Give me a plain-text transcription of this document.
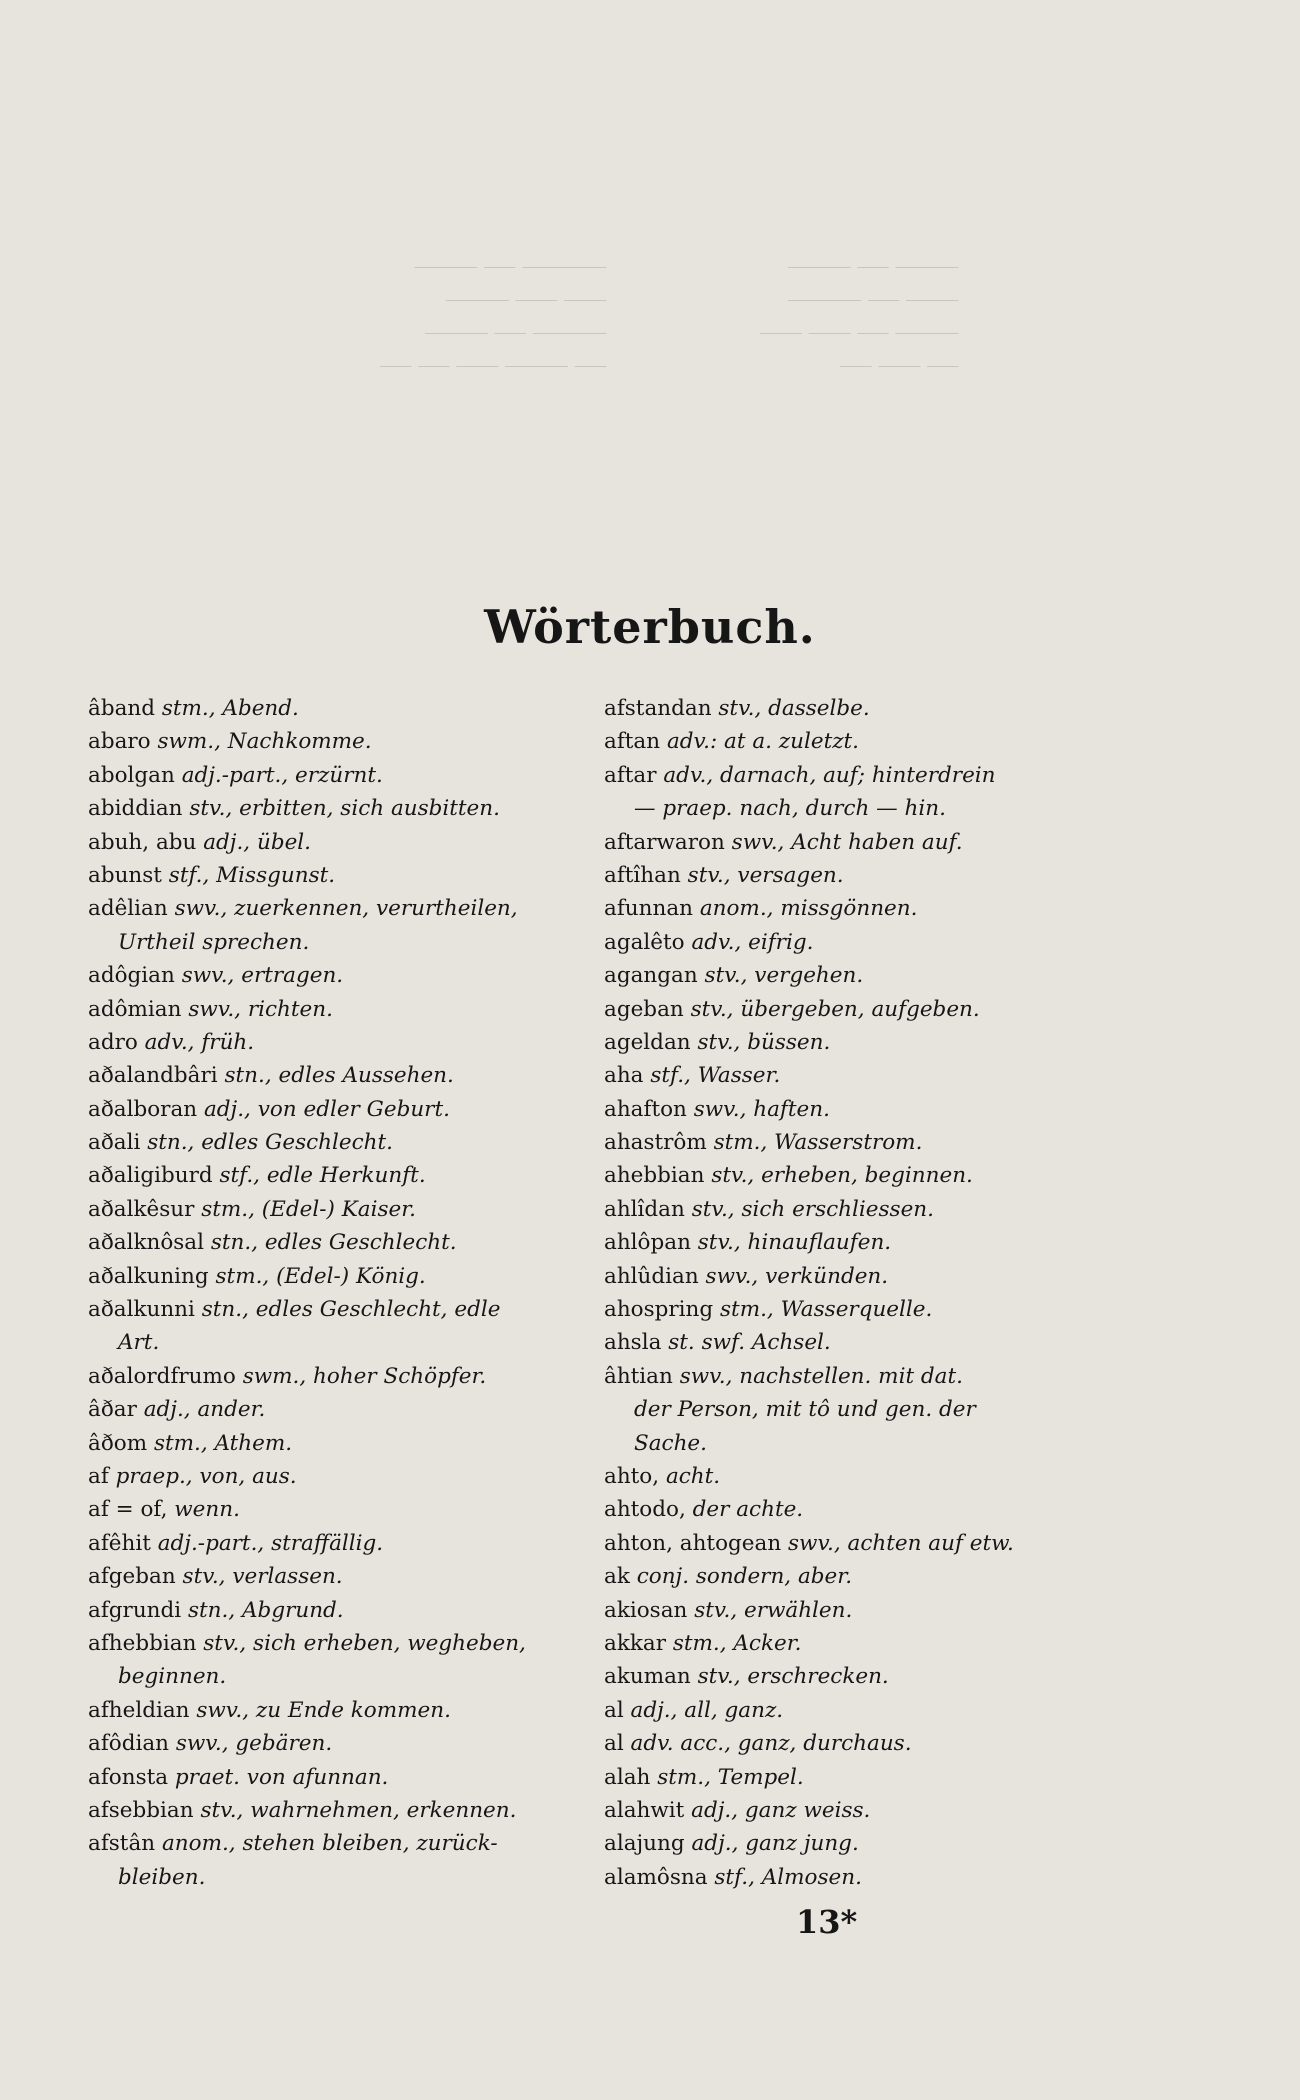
________ ___ ______
____ ____ ______
_______ ___ ______
___ ______ ____ ___ ___
______ ___ ______
_____ ___ _______
______ ___ ____ ____
___ ____ ___
Wörterbuch.
âband stm., Abend.
abaro swm., Nachkomme.
abolgan adj.-part., erzürnt.
abiddian stv., erbitten, sich ausbitten.
abuh, abu adj., übel.
abunst stf., Missgunst.
adêlian swv., zuerkennen, verurtheilen,
Urtheil sprechen.
adôgian swv., ertragen.
adômian swv., richten.
adro adv., früh.
aðalandbâri stn., edles Aussehen.
aðalboran adj., von edler Geburt.
aðali stn., edles Geschlecht.
aðaligiburd stf., edle Herkunft.
aðalkêsur stm., (Edel-) Kaiser.
aðalknôsal stn., edles Geschlecht.
aðalkuning stm., (Edel-) König.
aðalkunni stn., edles Geschlecht, edle
Art.
aðalordfrumo swm., hoher Schöpfer.
âðar adj., ander.
âðom stm., Athem.
af praep., von, aus.
af = of, wenn.
afêhit adj.-part., straffällig.
afgeban stv., verlassen.
afgrundi stn., Abgrund.
afhebbian stv., sich erheben, wegheben,
beginnen.
afheldian swv., zu Ende kommen.
afôdian swv., gebären.
afonsta praet. von afunnan.
afsebbian stv., wahrnehmen, erkennen.
afstân anom., stehen bleiben, zurück-
bleiben.
afstandan stv., dasselbe.
aftan adv.: at a. zuletzt.
aftar adv., darnach, auf; hinterdrein
— praep. nach, durch — hin.
aftarwaron swv., Acht haben auf.
aftîhan stv., versagen.
afunnan anom., missgönnen.
agalêto adv., eifrig.
agangan stv., vergehen.
ageban stv., übergeben, aufgeben.
ageldan stv., büssen.
aha stf., Wasser.
ahafton swv., haften.
ahastrôm stm., Wasserstrom.
ahebbian stv., erheben, beginnen.
ahlîdan stv., sich erschliessen.
ahlôpan stv., hinauflaufen.
ahlûdian swv., verkünden.
ahospring stm., Wasserquelle.
ahsla st. swf. Achsel.
âhtian swv., nachstellen. mit dat.
der Person, mit tô und gen. der
Sache.
ahto, acht.
ahtodo, der achte.
ahton, ahtogean swv., achten auf etw.
ak conj. sondern, aber.
akiosan stv., erwählen.
akkar stm., Acker.
akuman stv., erschrecken.
al adj., all, ganz.
al adv. acc., ganz, durchaus.
alah stm., Tempel.
alahwit adj., ganz weiss.
alajung adj., ganz jung.
alamôsna stf., Almosen.
13*
